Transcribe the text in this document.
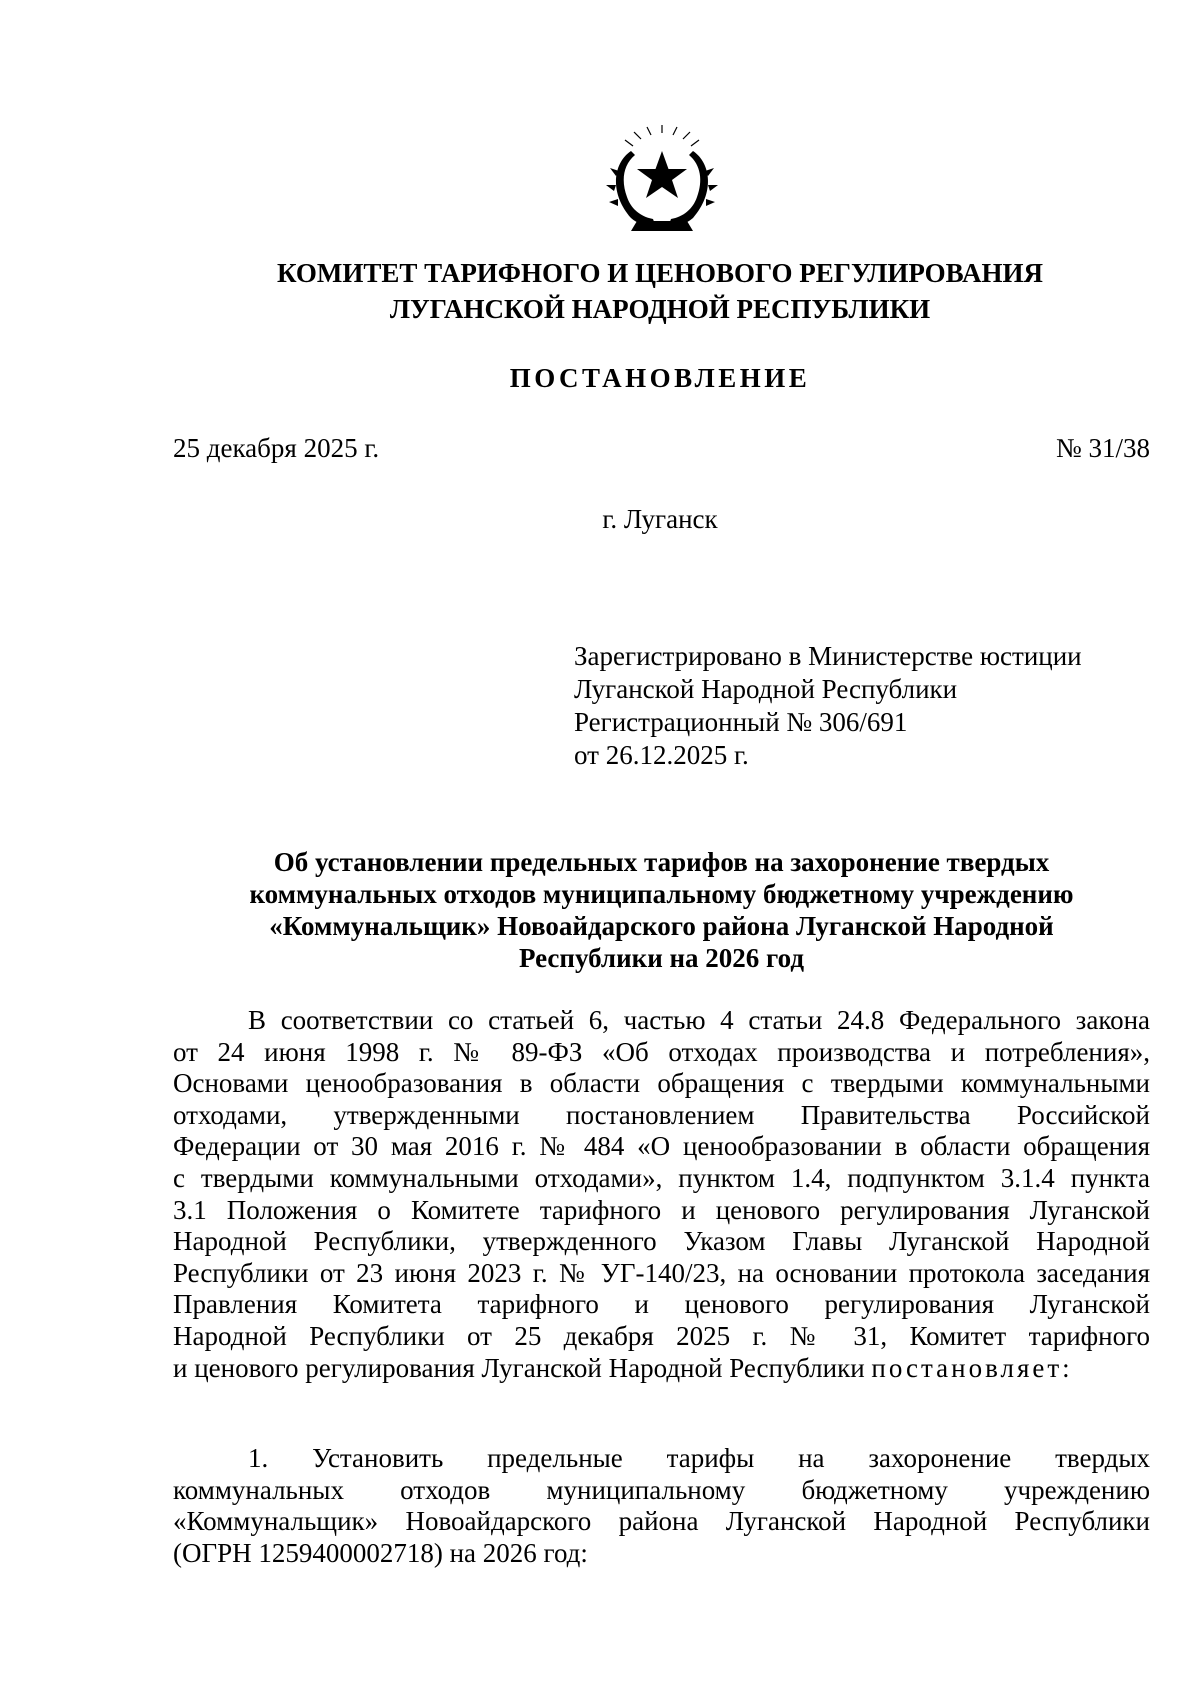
КОМИТЕТ ТАРИФНОГО И ЦЕНОВОГО РЕГУЛИРОВАНИЯ
ЛУГАНСКОЙ НАРОДНОЙ РЕСПУБЛИКИ
ПОСТАНОВЛЕНИЕ
25 декабря 2025 г.	№ 31/38
г. Луганск
Зарегистрировано в Министерстве юстиции
Луганской Народной Республики
Регистрационный № 306/691
от 26.12.2025 г.
Об установлении предельных тарифов на захоронение твердых
коммунальных отходов муниципальному бюджетному учреждению
«Коммунальщик» Новоайдарского района Луганской Народной
Республики на 2026 год
В соответствии со статьей 6, частью 4 статьи 24.8 Федерального закона
от 24 июня 1998 г. № 89-ФЗ «Об отходах производства и потребления»,
Основами ценообразования в области обращения с твердыми коммунальными
отходами, утвержденными постановлением Правительства Российской
Федерации от 30 мая 2016 г. № 484 «О ценообразовании в области обращения
с твердыми коммунальными отходами», пунктом 1.4, подпунктом 3.1.4 пункта
3.1 Положения о Комитете тарифного и ценового регулирования Луганской
Народной Республики, утвержденного Указом Главы Луганской Народной
Республики от 23 июня 2023 г. № УГ-140/23, на основании протокола заседания
Правления Комитета тарифного и ценового регулирования Луганской
Народной Республики от 25 декабря 2025 г. № 31, Комитет тарифного
и ценового регулирования Луганской Народной Республики постановляет:
1. Установить предельные тарифы на захоронение твердых
коммунальных отходов муниципальному бюджетному учреждению
«Коммунальщик» Новоайдарского района Луганской Народной Республики
(ОГРН 1259400002718) на 2026 год:
